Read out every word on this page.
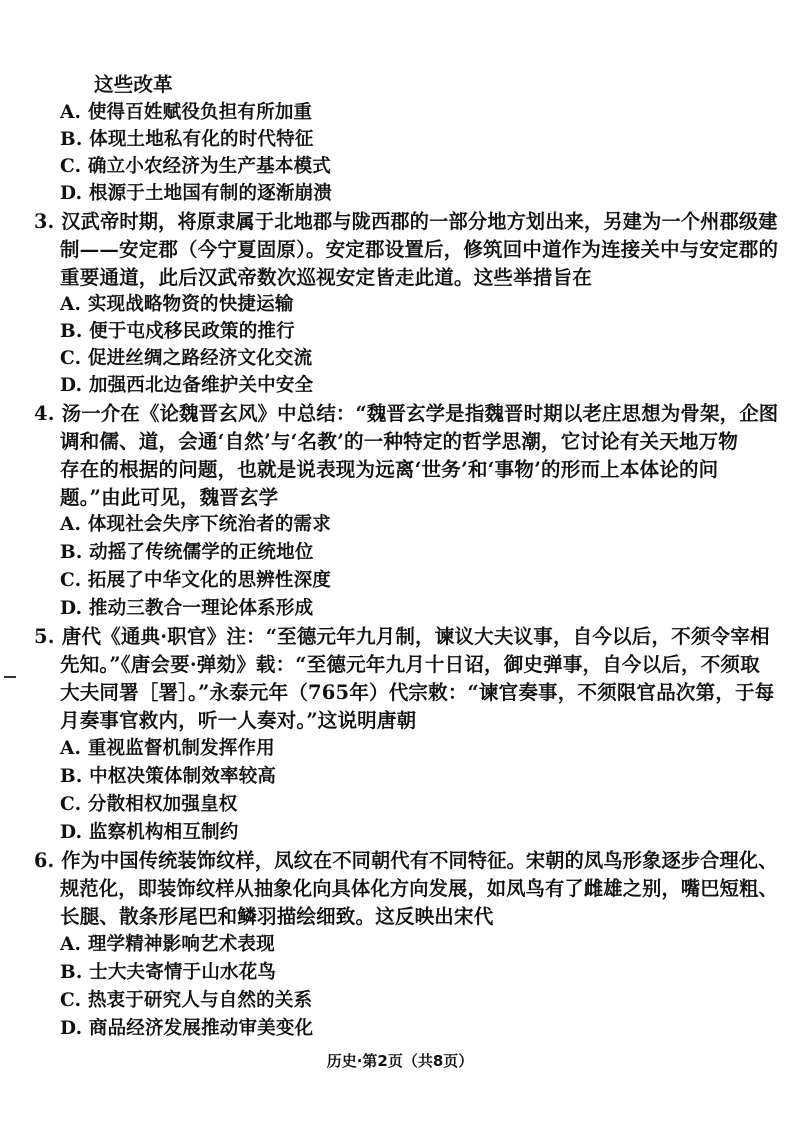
这些改革
A. 使得百姓赋役负担有所加重
B. 体现土地私有化的时代特征
C. 确立小农经济为生产基本模式
D. 根源于土地国有制的逐渐崩溃
3. 汉武帝时期，将原隶属于北地郡与陇西郡的一部分地方划出来，另建为一个州郡级建
制——安定郡（今宁夏固原）。安定郡设置后，修筑回中道作为连接关中与安定郡的
重要通道，此后汉武帝数次巡视安定皆走此道。这些举措旨在
A. 实现战略物资的快捷运输
B. 便于屯戍移民政策的推行
C. 促进丝绸之路经济文化交流
D. 加强西北边备维护关中安全
4. 汤一介在《论魏晋玄风》中总结：“魏晋玄学是指魏晋时期以老庄思想为骨架，企图
调和儒、道，会通‘自然’与‘名教’的一种特定的哲学思潮，它讨论有关天地万物
存在的根据的问题，也就是说表现为远离‘世务’和‘事物’的形而上本体论的问
题。”由此可见，魏晋玄学
A. 体现社会失序下统治者的需求
B. 动摇了传统儒学的正统地位
C. 拓展了中华文化的思辨性深度
D. 推动三教合一理论体系形成
5. 唐代《通典·职官》注：“至德元年九月制，谏议大夫议事，自今以后，不须令宰相
先知。”《唐会要·弹劾》载：“至德元年九月十日诏，御史弹事，自今以后，不须取
大夫同署［署］。”永泰元年（765年）代宗敕：“谏官奏事，不须限官品次第，于每
月奏事官救内，听一人奏对。”这说明唐朝
A. 重视监督机制发挥作用
B. 中枢决策体制效率较高
C. 分散相权加强皇权
D. 监察机构相互制约
6. 作为中国传统装饰纹样，凤纹在不同朝代有不同特征。宋朝的凤鸟形象逐步合理化、
规范化，即装饰纹样从抽象化向具体化方向发展，如凤鸟有了雌雄之别，嘴巴短粗、
长腿、散条形尾巴和鳞羽描绘细致。这反映出宋代
A. 理学精神影响艺术表现
B. 士大夫寄情于山水花鸟
C. 热衷于研究人与自然的关系
D. 商品经济发展推动审美变化
历史·第2页（共8页）
